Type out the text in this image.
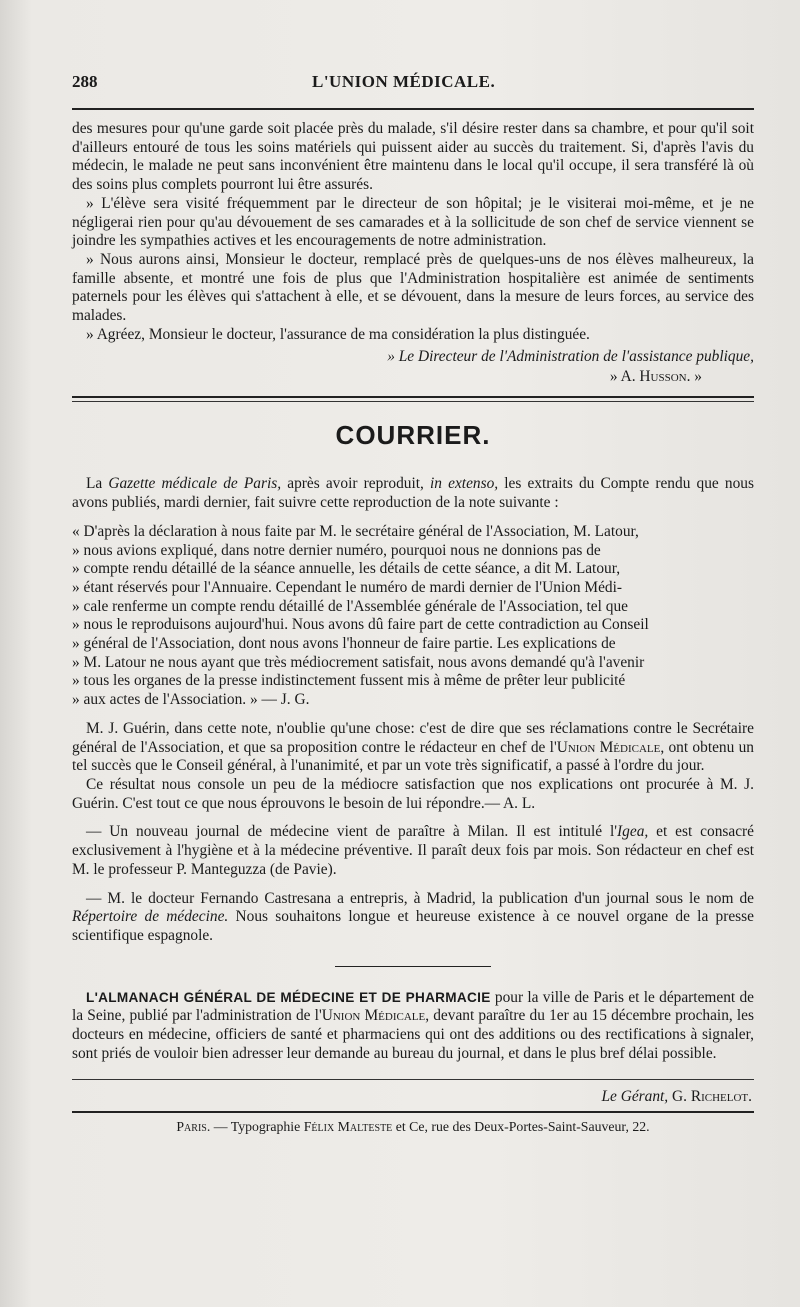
288	L'UNION MÉDICALE.

des mesures pour qu'une garde soit placée près du malade, s'il désire rester dans sa chambre, et pour qu'il soit d'ailleurs entouré de tous les soins matériels qui puissent aider au succès du traitement. Si, d'après l'avis du médecin, le malade ne peut sans inconvénient être maintenu dans le local qu'il occupe, il sera transféré là où des soins plus complets pourront lui être assurés.

» L'élève sera visité fréquemment par le directeur de son hôpital; je le visiterai moi-même, et je ne négligerai rien pour qu'au dévouement de ses camarades et à la sollicitude de son chef de service viennent se joindre les sympathies actives et les encouragements de notre administration.

» Nous aurons ainsi, Monsieur le docteur, remplacé près de quelques-uns de nos élèves malheureux, la famille absente, et montré une fois de plus que l'Administration hospitalière est animée de sentiments paternels pour les élèves qui s'attachent à elle, et se dévouent, dans la mesure de leurs forces, au service des malades.

» Agréez, Monsieur le docteur, l'assurance de ma considération la plus distinguée.

» Le Directeur de l'Administration de l'assistance publique,
» A. Husson. »
COURRIER.

La Gazette médicale de Paris, après avoir reproduit, in extenso, les extraits du Compte rendu que nous avons publiés, mardi dernier, fait suivre cette reproduction de la note suivante :

« D'après la déclaration à nous faite par M. le secrétaire général de l'Association, M. Latour,

» nous avions expliqué, dans notre dernier numéro, pourquoi nous ne donnions pas de

» compte rendu détaillé de la séance annuelle, les détails de cette séance, a dit M. Latour,

» étant réservés pour l'Annuaire. Cependant le numéro de mardi dernier de l'Union Médi-

» cale renferme un compte rendu détaillé de l'Assemblée générale de l'Association, tel que

» nous le reproduisons aujourd'hui. Nous avons dû faire part de cette contradiction au Conseil

» général de l'Association, dont nous avons l'honneur de faire partie. Les explications de

» M. Latour ne nous ayant que très médiocrement satisfait, nous avons demandé qu'à l'avenir

» tous les organes de la presse indistinctement fussent mis à même de prêter leur publicité

» aux actes de l'Association. » — J. G.

M. J. Guérin, dans cette note, n'oublie qu'une chose: c'est de dire que ses réclamations contre le Secrétaire général de l'Association, et que sa proposition contre le rédacteur en chef de l'Union Médicale, ont obtenu un tel succès que le Conseil général, à l'unanimité, et par un vote très significatif, a passé à l'ordre du jour.

Ce résultat nous console un peu de la médiocre satisfaction que nos explications ont procurée à M. J. Guérin. C'est tout ce que nous éprouvons le besoin de lui répondre.— A. L.

— Un nouveau journal de médecine vient de paraître à Milan. Il est intitulé l'Igea, et est consacré exclusivement à l'hygiène et à la médecine préventive. Il paraît deux fois par mois. Son rédacteur en chef est M. le professeur P. Manteguzza (de Pavie).

— M. le docteur Fernando Castresana a entrepris, à Madrid, la publication d'un journal sous le nom de Répertoire de médecine. Nous souhaitons longue et heureuse existence à ce nouvel organe de la presse scientifique espagnole.

L'ALMANACH GÉNÉRAL DE MÉDECINE ET DE PHARMACIE pour la ville de Paris et le département de la Seine, publié par l'administration de l'Union Médicale, devant paraître du 1er au 15 décembre prochain, les docteurs en médecine, officiers de santé et pharmaciens qui ont des additions ou des rectifications à signaler, sont priés de vouloir bien adresser leur demande au bureau du journal, et dans le plus bref délai possible.

Le Gérant, G. Richelot.
Paris. — Typographie Félix Malteste et Ce, rue des Deux-Portes-Saint-Sauveur, 22.
